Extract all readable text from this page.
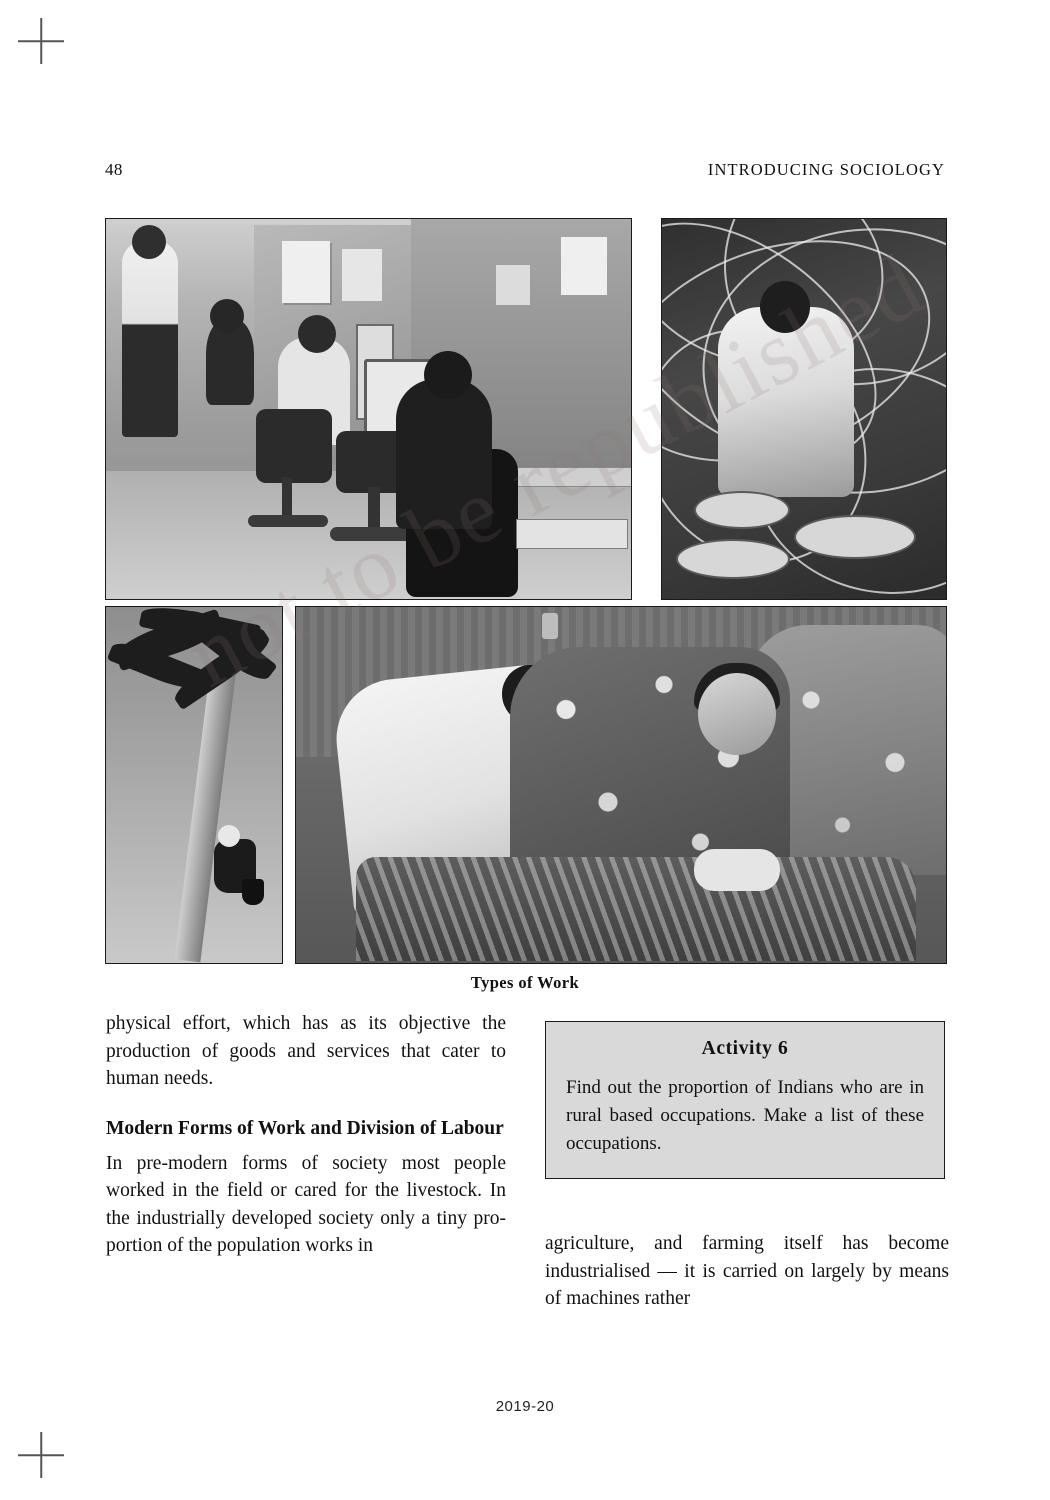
48	INTRODUCING SOCIOLOGY
Types of Work

physical effort, which has as its objective the production of goods and services that cater to human needs.

Modern Forms of Work and Division of Labour

In pre-modern forms of society most people worked in the field or cared for the livestock. In the industrially developed society only a tiny pro-portion of the population works in

Activity 6
Find out the proportion of Indians who are in rural based occupations. Make a list of these occupations.

agriculture, and farming itself has become industrialised — it is carried on largely by means of machines rather

2019-20
